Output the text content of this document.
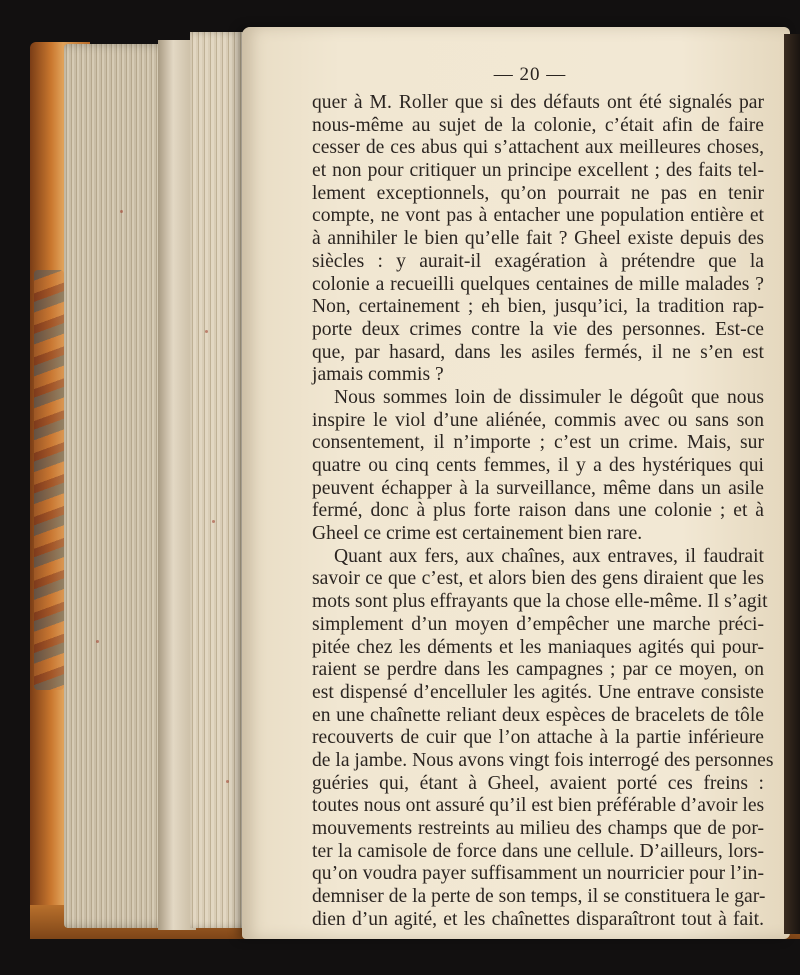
— 20 —
quer à M. Roller que si des défauts ont été signalés par
nous-même au sujet de la colonie, c’était afin de faire
cesser de ces abus qui s’attachent aux meilleures choses,
et non pour critiquer un principe excellent ; des faits tel-
lement exceptionnels, qu’on pourrait ne pas en tenir
compte, ne vont pas à entacher une population entière et
à annihiler le bien qu’elle fait ? Gheel existe depuis des
siècles : y aurait-il exagération à prétendre que la
colonie a recueilli quelques centaines de mille malades ?
Non, certainement ; eh bien, jusqu’ici, la tradition rap-
porte deux crimes contre la vie des personnes. Est-ce
que, par hasard, dans les asiles fermés, il ne s’en est
jamais commis ?
Nous sommes loin de dissimuler le dégoût que nous
inspire le viol d’une aliénée, commis avec ou sans son
consentement, il n’importe ; c’est un crime. Mais, sur
quatre ou cinq cents femmes, il y a des hystériques qui
peuvent échapper à la surveillance, même dans un asile
fermé, donc à plus forte raison dans une colonie ; et à
Gheel ce crime est certainement bien rare.
Quant aux fers, aux chaînes, aux entraves, il faudrait
savoir ce que c’est, et alors bien des gens diraient que les
mots sont plus effrayants que la chose elle-même. Il s’agit
simplement d’un moyen d’empêcher une marche préci-
pitée chez les déments et les maniaques agités qui pour-
raient se perdre dans les campagnes ; par ce moyen, on
est dispensé d’encelluler les agités. Une entrave consiste
en une chaînette reliant deux espèces de bracelets de tôle
recouverts de cuir que l’on attache à la partie inférieure
de la jambe. Nous avons vingt fois interrogé des personnes
guéries qui, étant à Gheel, avaient porté ces freins :
toutes nous ont assuré qu’il est bien préférable d’avoir les
mouvements restreints au milieu des champs que de por-
ter la camisole de force dans une cellule. D’ailleurs, lors-
qu’on voudra payer suffisamment un nourricier pour l’in-
demniser de la perte de son temps, il se constituera le gar-
dien d’un agité, et les chaînettes disparaîtront tout à fait.
